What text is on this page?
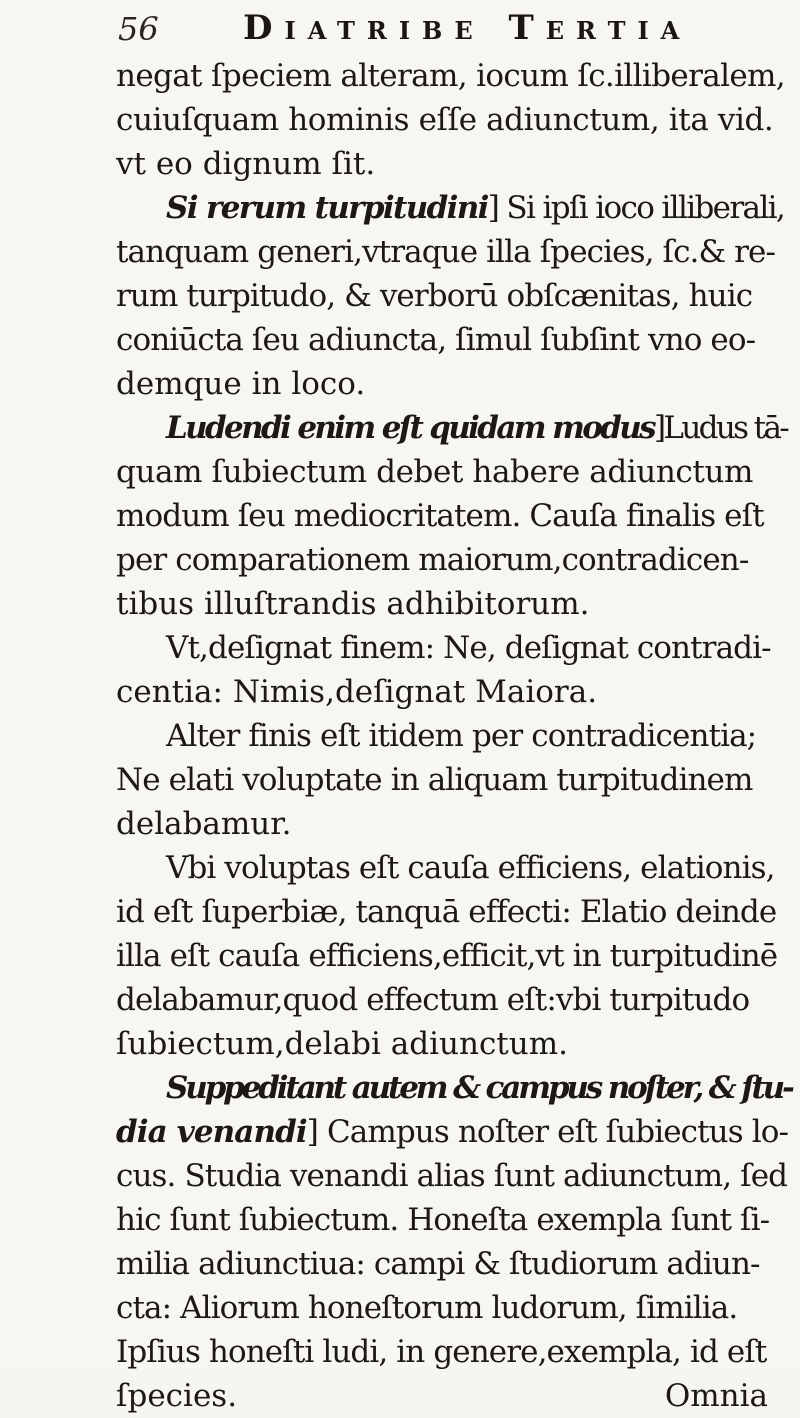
56 Diatribe Tertia
negat ſpeciem alteram, iocum ſc.illiberalem,
cuiuſquam hominis eſſe adiunctum, ita vid.
vt eo dignum ſit.
Si rerum turpitudini] Si ipſi ioco illiberali,
tanquam generi,vtraque illa ſpecies, ſc.& re-
rum turpitudo, & verborū obſcænitas, huic
coniūcta ſeu adiuncta, ſimul ſubſint vno eo-
demque in loco.
Ludendi enim eſt quidam modus]Ludus tā-
quam ſubiectum debet habere adiunctum
modum ſeu mediocritatem. Cauſa finalis eſt
per comparationem maiorum,contradicen-
tibus illuſtrandis adhibitorum.
Vt,deſignat finem: Ne, deſignat contradi-
centia: Nimis,deſignat Maiora.
Alter finis eſt itidem per contradicentia;
Ne elati voluptate in aliquam turpitudinem
delabamur.
Vbi voluptas eſt cauſa efficiens, elationis,
id eſt ſuperbiæ, tanquā effecti: Elatio deinde
illa eſt cauſa efficiens,efficit,vt in turpitudinē
delabamur,quod effectum eſt:vbi turpitudo
ſubiectum,delabi adiunctum.
Suppeditant autem & campus noſter, & ſtu-
dia venandi] Campus noſter eſt ſubiectus lo-
cus. Studia venandi alias ſunt adiunctum, ſed
hic ſunt ſubiectum. Honeſta exempla ſunt ſi-
milia adiunctiua: campi & ſtudiorum adiun-
cta: Aliorum honeſtorum ludorum, ſimilia.
Ipſius honeſti ludi, in genere,exempla, id eſt
ſpecies.	Omnia
